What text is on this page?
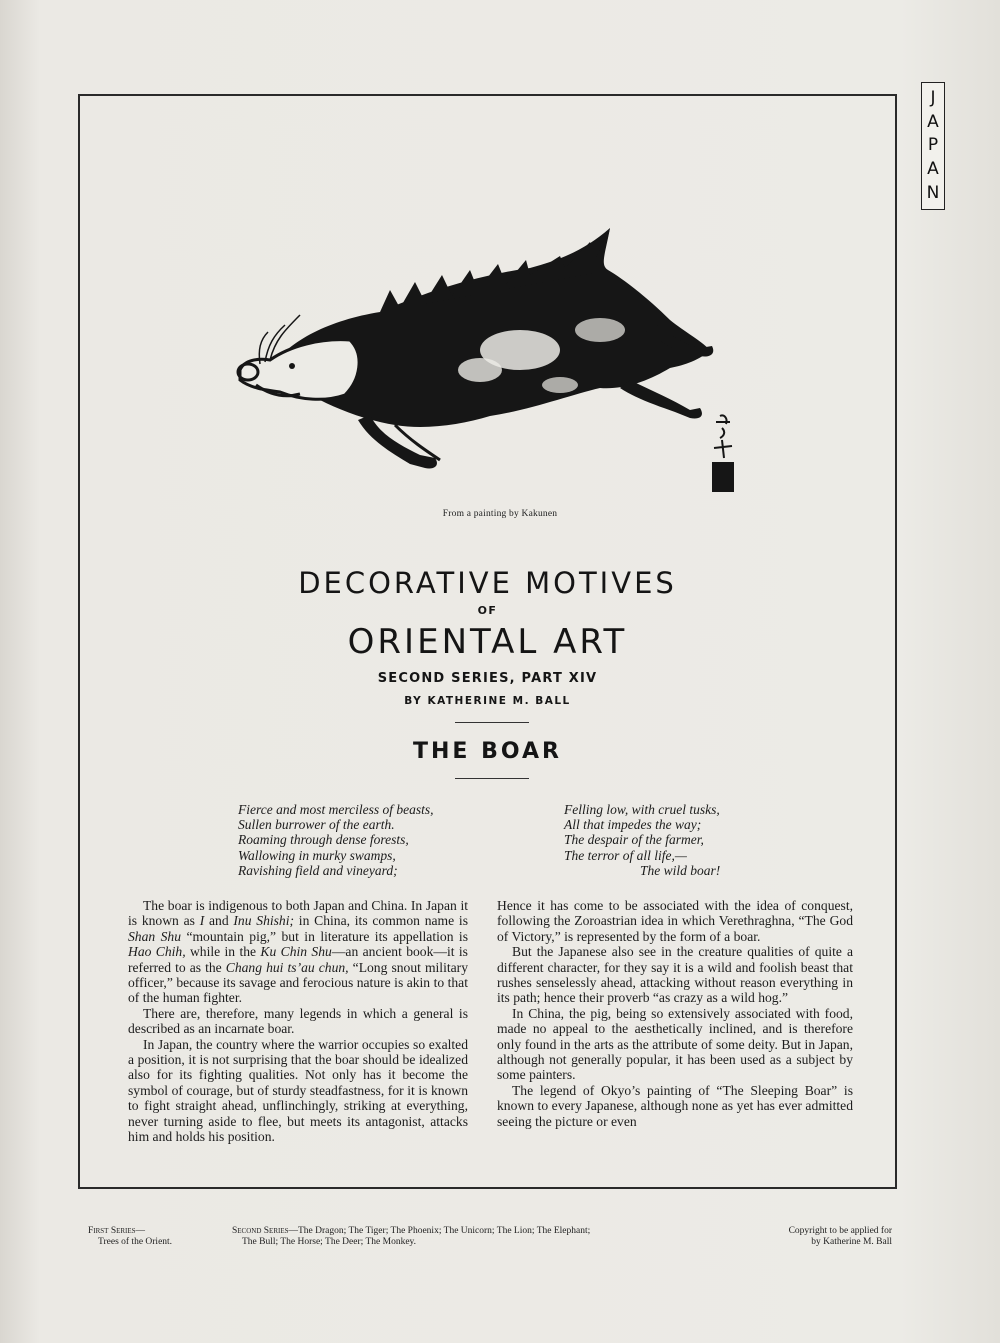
J
A
P
A
N
From a painting by Kakunen
DECORATIVE MOTIVES
OF
ORIENTAL ART
SECOND SERIES, PART XIV
BY KATHERINE M. BALL
THE BOAR
Fierce and most merciless of beasts,
Sullen burrower of the earth.
Roaming through dense forests,
Wallowing in murky swamps,
Ravishing field and vineyard;
Felling low, with cruel tusks,
All that impedes the way;
The despair of the farmer,
The terror of all life,—
The wild boar!

The boar is indigenous to both Japan and China. In Japan it is known as I and Inu Shishi; in China, its common name is Shan Shu “mountain pig,” but in literature its appellation is Hao Chih, while in the Ku Chin Shu—an ancient book—it is referred to as the Chang hui ts’au chun, “Long snout military officer,” because its savage and ferocious nature is akin to that of the human fighter.

There are, therefore, many legends in which a general is described as an incarnate boar.

In Japan, the country where the warrior occupies so exalted a position, it is not surprising that the boar should be idealized also for its fighting qualities. Not only has it become the symbol of courage, but of sturdy steadfastness, for it is known to fight straight ahead, unflinchingly, striking at everything, never turning aside to flee, but meets its antagonist, attacks him and holds his position.

Hence it has come to be associated with the idea of conquest, following the Zoroastrian idea in which Verethraghna, “The God of Victory,” is represented by the form of a boar.

But the Japanese also see in the creature qualities of quite a different character, for they say it is a wild and foolish beast that rushes senselessly ahead, attacking without reason everything in its path; hence their proverb “as crazy as a wild hog.”

In China, the pig, being so extensively associated with food, made no appeal to the aesthetically inclined, and is therefore only found in the arts as the attribute of some deity. But in Japan, although not generally popular, it has been used as a subject by some painters.

The legend of Okyo’s painting of “The Sleeping Boar” is known to every Japanese, although none as yet has ever admitted seeing the picture or even

First Series—
Trees of the Orient.
Second Series—The Dragon; The Tiger; The Phoenix; The Unicorn; The Lion; The Elephant;
The Bull; The Horse; The Deer; The Monkey.
Copyright to be applied for
by Katherine M. Ball
